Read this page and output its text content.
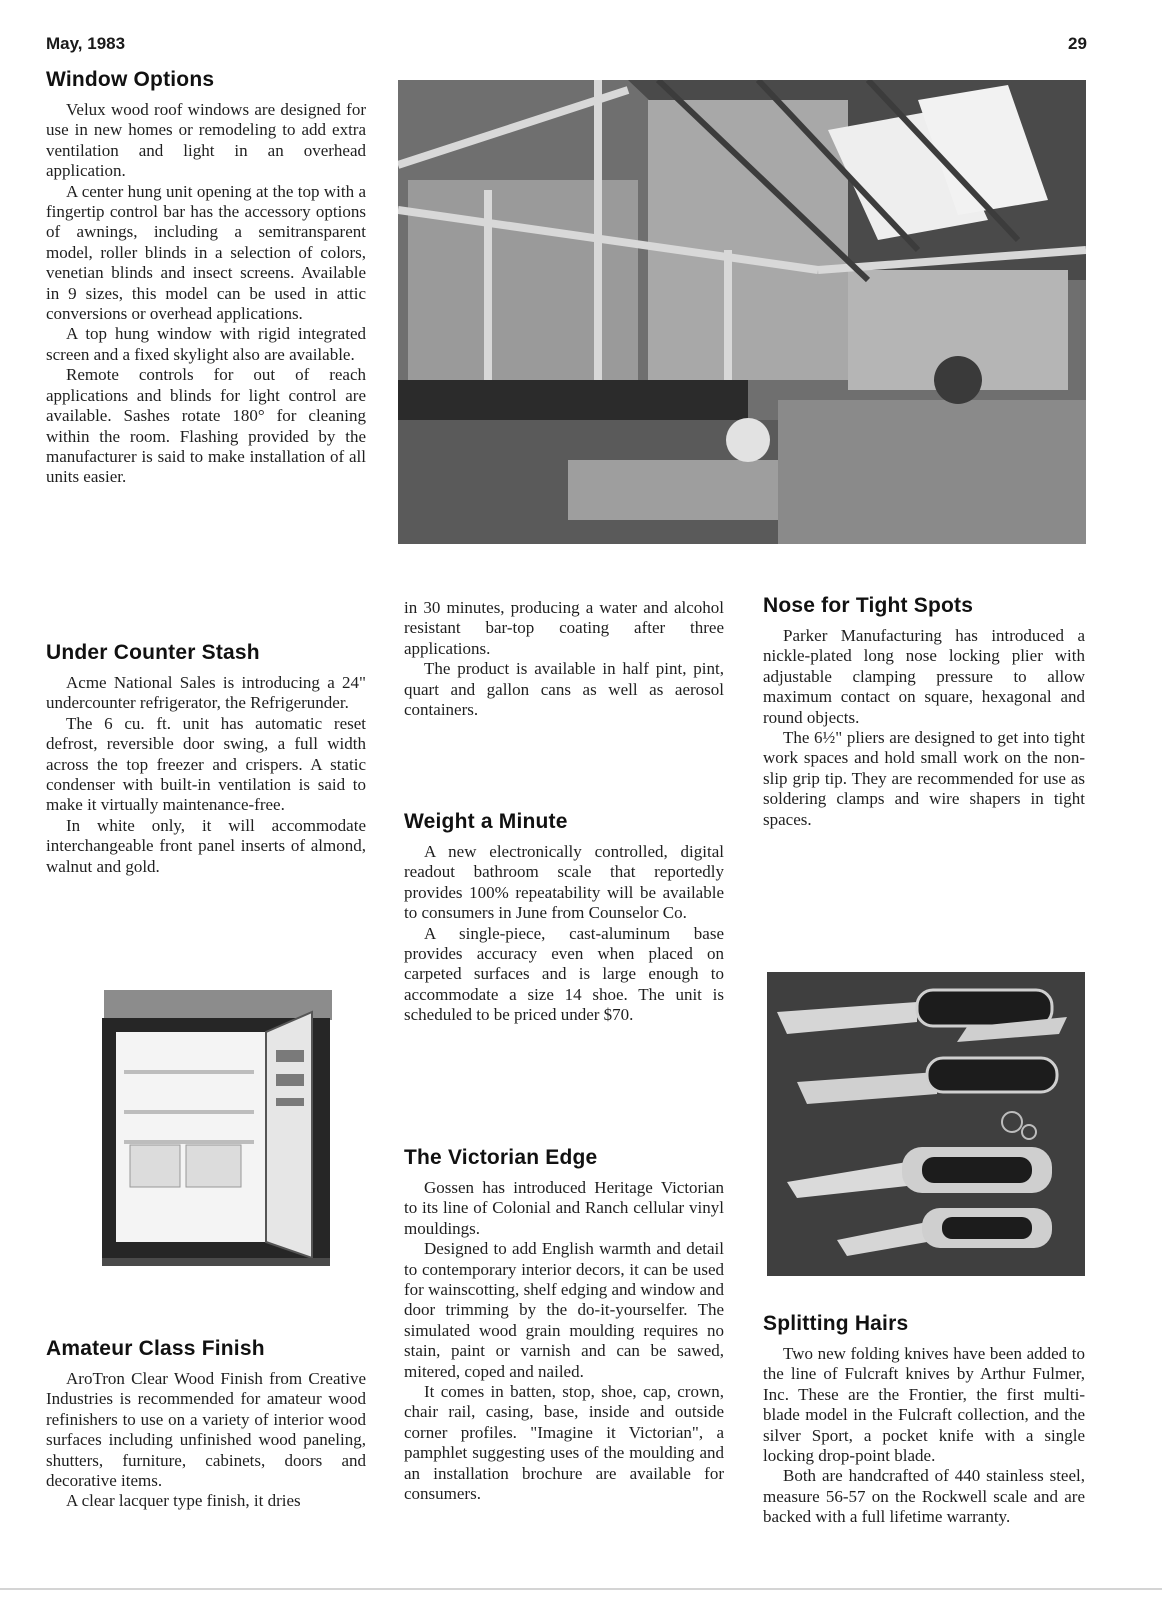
May, 1983	29
Window Options

Velux wood roof windows are designed for use in new homes or remodeling to add extra ventilation and light in an overhead application.

A center hung unit opening at the top with a fingertip control bar has the accessory options of awnings, including a semitransparent model, roller blinds in a selection of colors, venetian blinds and insect screens. Available in 9 sizes, this model can be used in attic conversions or overhead applications.

A top hung window with rigid integrated screen and a fixed skylight also are available.

Remote controls for out of reach applications and blinds for light control are available. Sashes rotate 180° for cleaning within the room. Flashing provided by the manufacturer is said to make installation of all units easier.

Under Counter Stash

Acme National Sales is introducing a 24" undercounter refrigerator, the Refrigerunder.

The 6 cu. ft. unit has automatic reset defrost, reversible door swing, a full width across the top freezer and crispers. A static condenser with built-in ventilation is said to make it virtually maintenance-free.

In white only, it will accommodate interchangeable front panel inserts of almond, walnut and gold.

Amateur Class Finish

AroTron Clear Wood Finish from Creative Industries is recommended for amateur wood refinishers to use on a variety of interior wood surfaces including unfinished wood paneling, shutters, furniture, cabinets, doors and decorative items.

A clear lacquer type finish, it dries

in 30 minutes, producing a water and alcohol resistant bar-top coating after three applications.

The product is available in half pint, pint, quart and gallon cans as well as aerosol containers.

Weight a Minute

A new electronically controlled, digital readout bathroom scale that reportedly provides 100% repeatability will be available to consumers in June from Counselor Co.

A single-piece, cast-aluminum base provides accuracy even when placed on carpeted surfaces and is large enough to accommodate a size 14 shoe. The unit is scheduled to be priced under $70.

The Victorian Edge

Gossen has introduced Heritage Victorian to its line of Colonial and Ranch cellular vinyl mouldings.

Designed to add English warmth and detail to contemporary interior decors, it can be used for wainscotting, shelf edging and window and door trimming by the do-it-yourselfer. The simulated wood grain moulding requires no stain, paint or varnish and can be sawed, mitered, coped and nailed.

It comes in batten, stop, shoe, cap, crown, chair rail, casing, base, inside and outside corner profiles. "Imagine it Victorian", a pamphlet suggesting uses of the moulding and an installation brochure are available for consumers.

Nose for Tight Spots

Parker Manufacturing has introduced a nickle-plated long nose locking plier with adjustable clamping pressure to allow maximum contact on square, hexagonal and round objects.

The 6½" pliers are designed to get into tight work spaces and hold small work on the non-slip grip tip. They are recommended for use as soldering clamps and wire shapers in tight spaces.

Splitting Hairs

Two new folding knives have been added to the line of Fulcraft knives by Arthur Fulmer, Inc. These are the Frontier, the first multi-blade model in the Fulcraft collection, and the silver Sport, a pocket knife with a single locking drop-point blade.

Both are handcrafted of 440 stainless steel, measure 56-57 on the Rockwell scale and are backed with a full lifetime warranty.
